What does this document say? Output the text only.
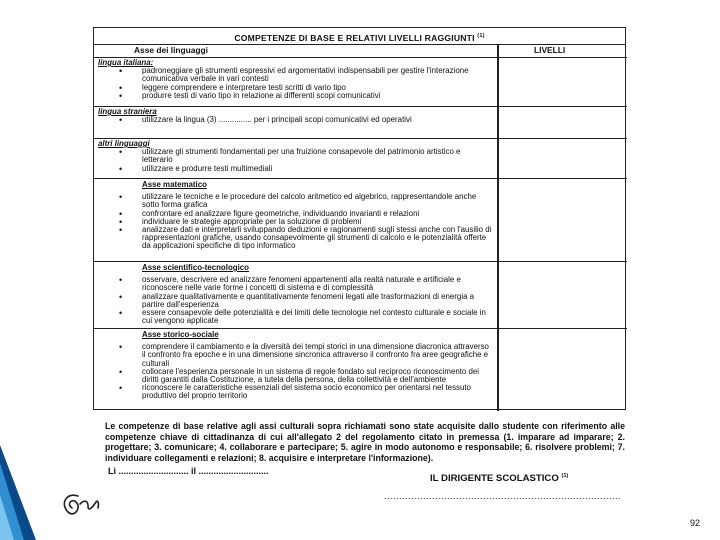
COMPETENZE DI BASE E RELATIVI LIVELLI RAGGIUNTI $^{(1)}$
Asse dei linguaggi	LIVELLI
lingua italiana:
• padroneggiare gli strumenti espressivi ed argomentativi indispensabili per gestire l'interazione comunicativa verbale in vari contesti
• leggere comprendere e interpretare testi scritti di vario tipo
• produrre testi di vario tipo in relazione ai differenti scopi comunicativi
lingua straniera
• utilizzare la lingua (3) ............... per i principali scopi comunicativi ed operativi
altri linguaggi
• utilizzare gli strumenti fondamentali per una fruizione consapevole del patrimonio artistico e letterario
• utilizzare e produrre testi multimediali
Asse matematico
• utilizzare le tecniche e le procedure del calcolo aritmetico ed algebrico, rappresentandole anche sotto forma grafica
• confrontare ed analizzare figure geometriche, individuando invarianti e relazioni
• individuare le strategie appropriate per la soluzione di problemi
• analizzare dati e interpretarli sviluppando deduzioni e ragionamenti sugli stessi anche con l'ausilio di rappresentazioni grafiche, usando consapevolmente gli strumenti di calcolo e le potenzialità offerte da applicazioni specifiche di tipo informatico
Asse scientifico-tecnologico
• osservare, descrivere ed analizzare fenomeni appartenenti alla realtà naturale e artificiale e riconoscere nelle varie forme i concetti di sistema e di complessità
• analizzare qualitativamente e quantitativamente fenomeni legati alle trasformazioni di energia a partire dall'esperienza
• essere consapevole delle potenzialità e dei limiti delle tecnologie nel contesto culturale e sociale in cui vengono applicate
Asse storico-sociale
• comprendere il cambiamento e la diversità dei tempi storici in una dimensione diacronica attraverso il confronto fra epoche e in una dimensione sincronica attraverso il confronto fra aree geografiche e culturali
• collocare l'esperienza personale in un sistema di regole fondato sul reciproco riconoscimento dei diritti garantiti dalla Costituzione, a tutela della persona, della collettività e dell'ambiente
• riconoscere le caratteristiche essenziali del sistema socio economico per orientarsi nel tessuto produttivo del proprio territorio
Le competenze di base relative agli assi culturali sopra richiamati sono state acquisite dallo studente con riferimento alle competenze chiave di cittadinanza di cui all'allegato 2 del regolamento citato in premessa (1. imparare ad imparare; 2. progettare; 3. comunicare; 4. collaborare e partecipare; 5. agire in modo autonomo e responsabile; 6. risolvere problemi; 7. individuare collegamenti e relazioni; 8. acquisire e interpretare l'informazione).
Lì ............................ il ............................
IL DIRIGENTE SCOLASTICO $^{(1)}$
...............................................................................
92
